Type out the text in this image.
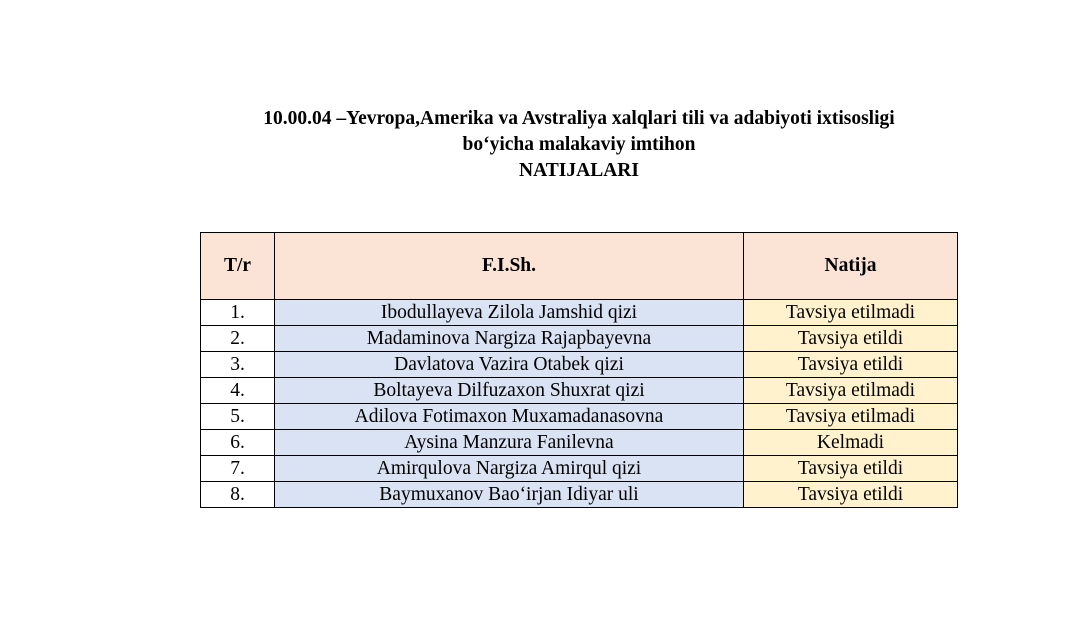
10.00.04 –Yevropa,Amerika va Avstraliya xalqlari tili va adabiyoti ixtisosligi
bo‘yicha malakaviy imtihon
NATIJALARI
T/r	F.I.Sh.	Natija
1.	Ibodullayeva Zilola Jamshid qizi	Tavsiya etilmadi
2.	Madaminova Nargiza Rajapbayevna	Tavsiya etildi
3.	Davlatova Vazira Otabek qizi	Tavsiya etildi
4.	Boltayeva Dilfuzaxon Shuxrat qizi	Tavsiya etilmadi
5.	Adilova Fotimaxon Muxamadanasovna	Tavsiya etilmadi
6.	Aysina Manzura Fanilevna	Kelmadi
7.	Amirqulova Nargiza Amirqul qizi	Tavsiya etildi
8.	Baymuxanov Bao‘irjan Idiyar uli	Tavsiya etildi
